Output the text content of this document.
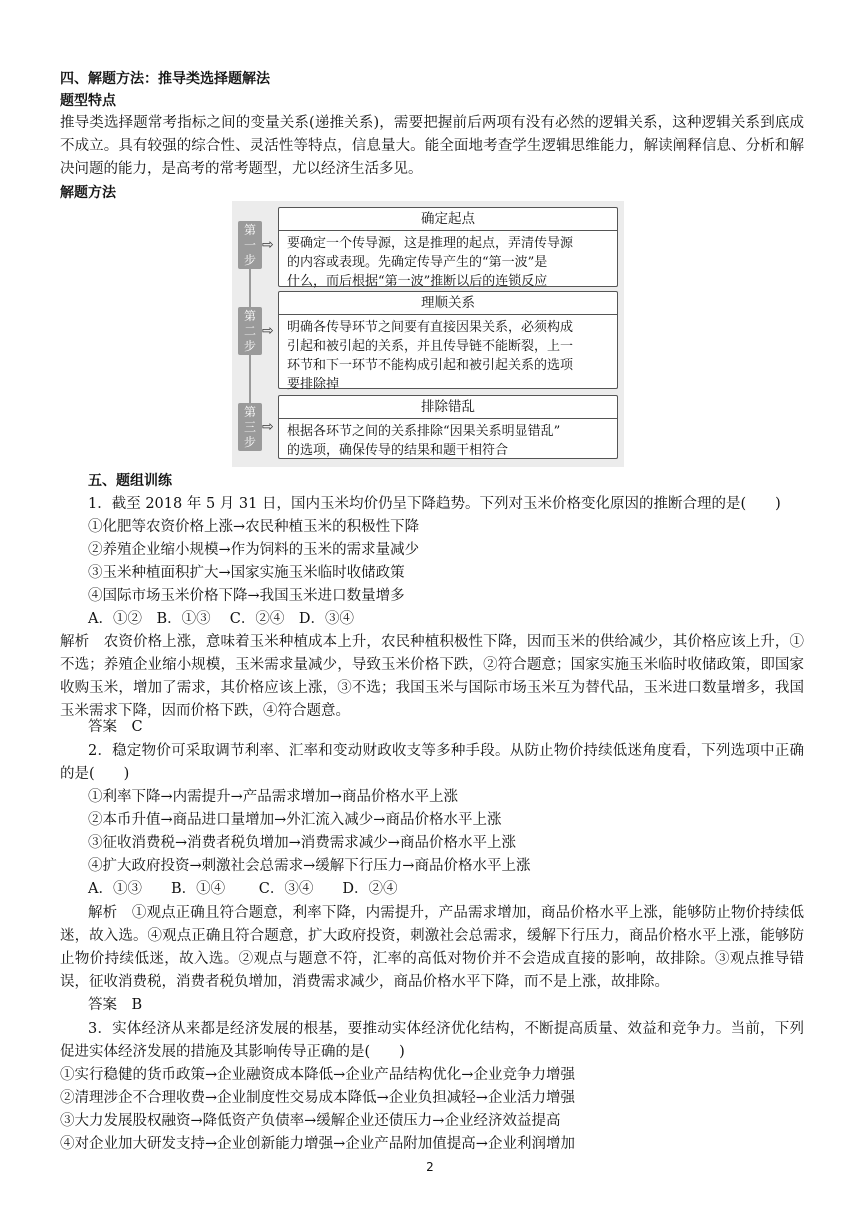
四、解题方法：推导类选择题解法
题型特点
推导类选择题常考指标之间的变量关系(递推关系)，需要把握前后两项有没有必然的逻辑关系，这种逻辑关系到底成不成立。具有较强的综合性、灵活性等特点，信息量大。能全面地考查学生逻辑思维能力，解读阐释信息、分析和解决问题的能力，是高考的常考题型，尤以经济生活多见。
解题方法
第
一
步
⇨
确定起点
要确定一个传导源，这是推理的起点，弄清传导源
的内容或表现。先确定传导产生的“第一波”是
什么，而后根据“第一波”推断以后的连锁反应
第
二
步
⇨
理顺关系
明确各传导环节之间要有直接因果关系，必须构成
引起和被引起的关系，并且传导链不能断裂，上一
环节和下一环节不能构成引起和被引起关系的选项
要排除掉
第
三
步
⇨
排除错乱
根据各环节之间的关系排除“因果关系明显错乱”
的选项，确保传导的结果和题干相符合
五、题组训练
1．截至 2018 年 5 月 31 日，国内玉米均价仍呈下降趋势。下列对玉米价格变化原因的推断合理的是(　　)
①化肥等农资价格上涨→农民种植玉米的积极性下降
②养殖企业缩小规模→作为饲料的玉米的需求量减少
③玉米种植面积扩大→国家实施玉米临时收储政策
④国际市场玉米价格下降→我国玉米进口数量增多
A．①②　B．①③　 C．②④　D．③④
解析　农资价格上涨，意味着玉米种植成本上升，农民种植积极性下降，因而玉米的供给减少，其价格应该上升，①不选；养殖企业缩小规模，玉米需求量减少，导致玉米价格下跌，②符合题意；国家实施玉米临时收储政策，即国家收购玉米，增加了需求，其价格应该上涨，③不选；我国玉米与国际市场玉米互为替代品，玉米进口数量增多，我国玉米需求下降，因而价格下跌，④符合题意。
答案　C
2．稳定物价可采取调节利率、汇率和变动财政收支等多种手段。从防止物价持续低迷角度看，下列选项中正确的是(　　)
①利率下降→内需提升→产品需求增加→商品价格水平上涨
②本币升值→商品进口量增加→外汇流入减少→商品价格水平上涨
③征收消费税→消费者税负增加→消费需求减少→商品价格水平上涨
④扩大政府投资→刺激社会总需求→缓解下行压力→商品价格水平上涨
A．①③　　B．①④　　 C．③④　　D．②④
解析　①观点正确且符合题意，利率下降，内需提升，产品需求增加，商品价格水平上涨，能够防止物价持续低迷，故入选。④观点正确且符合题意，扩大政府投资，刺激社会总需求，缓解下行压力，商品价格水平上涨，能够防止物价持续低迷，故入选。②观点与题意不符，汇率的高低对物价并不会造成直接的影响，故排除。③观点推导错误，征收消费税，消费者税负增加，消费需求减少，商品价格水平下降，而不是上涨，故排除。
答案　B
3．实体经济从来都是经济发展的根基，要推动实体经济优化结构，不断提高质量、效益和竞争力。当前，下列促进实体经济发展的措施及其影响传导正确的是(　　)
①实行稳健的货币政策→企业融资成本降低→企业产品结构优化→企业竞争力增强
②清理涉企不合理收费→企业制度性交易成本降低→企业负担减轻→企业活力增强
③大力发展股权融资→降低资产负债率→缓解企业还债压力→企业经济效益提高
④对企业加大研发支持→企业创新能力增强→企业产品附加值提高→企业利润增加
2
